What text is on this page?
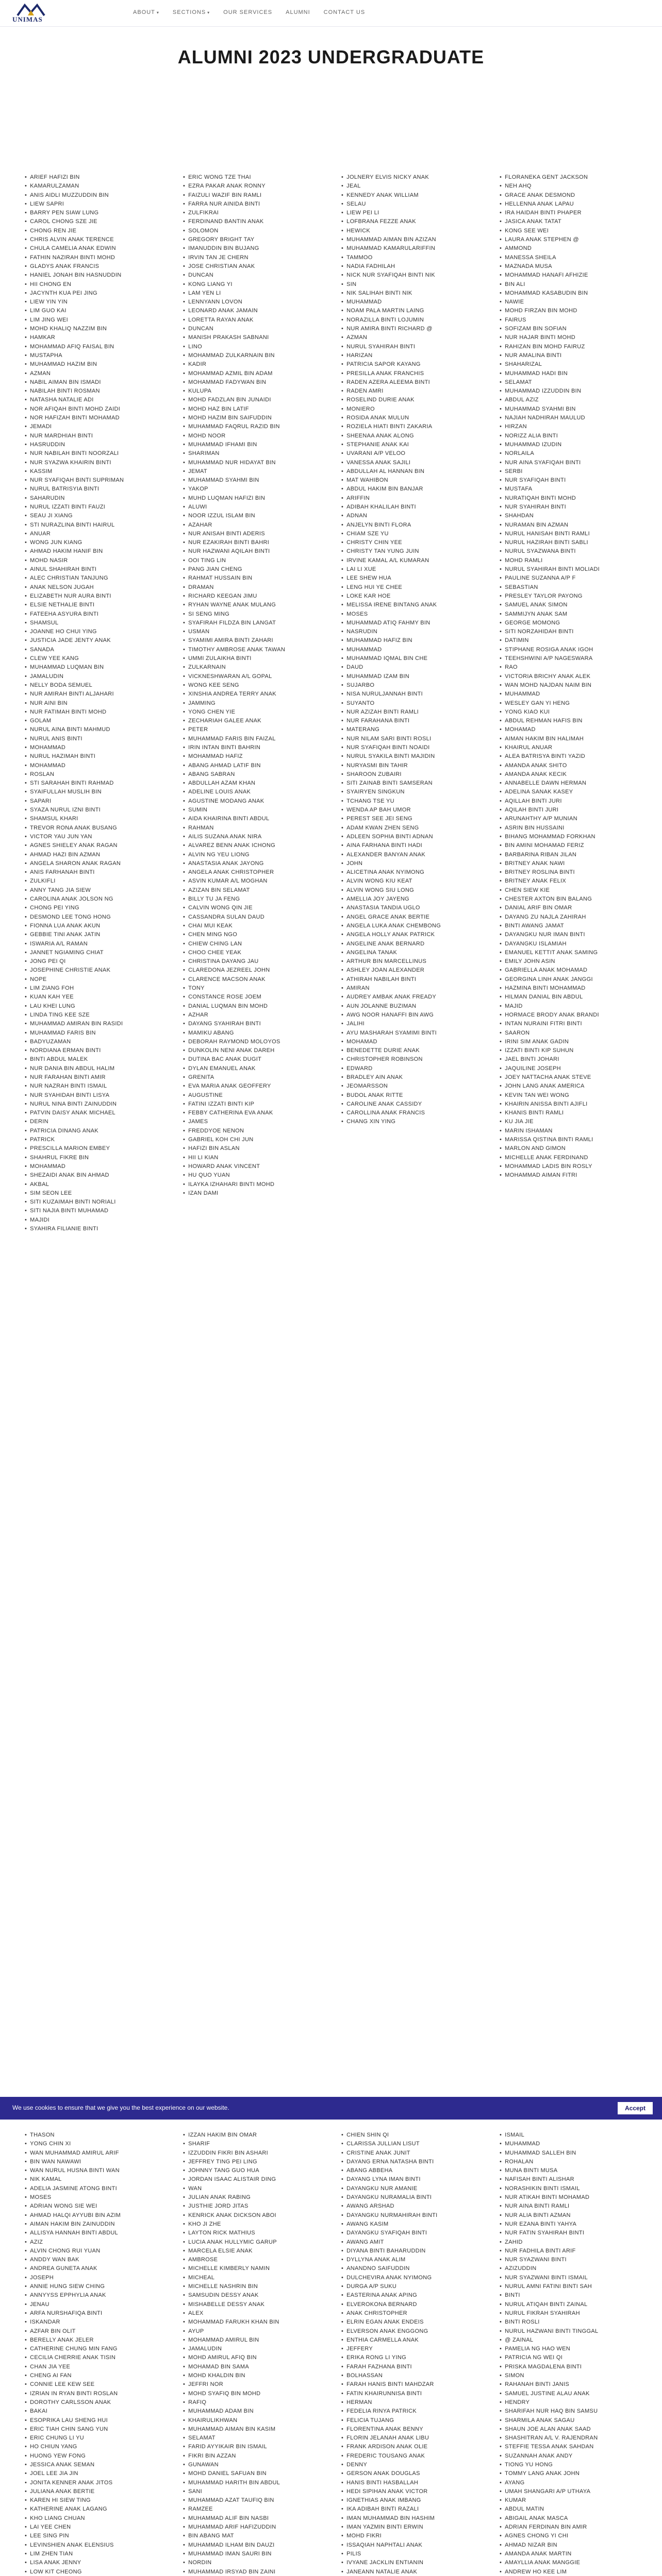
UNIMAS
ABOUT ▾ SECTIONS ▾ OUR SERVICES ALUMNI CONTACT US
ALUMNI 2023 UNDERGRADUATE
• ARIEF HAFIZI BIN
• KAMARULZAMAN
• ANIS AIDLI MUZZUDDIN BIN
• LIEW SAPRI
• BARRY PEN SIAW LUNG
• CAROL CHONG SZE JIE
• CHONG REN JIE
• CHRIS ALVIN ANAK TERENCE
• CHULA CAMELIA ANAK EDWIN
• FATHIN NAZIRAH BINTI MOHD
• GLADYS ANAK FRANCIS
• HANIEL JONAH BIN HASNUDDIN
• HII CHONG EN
• JACYNTH KUA PEI JING
• LIEW YIN YIN
• LIM GUO KAI
• LIM JING WEI
• MOHD KHALIQ NAZZIM BIN
• HAMKAR
• MOHAMMAD AFIQ FAISAL BIN
• MUSTAPHA
• MUHAMMAD HAZIM BIN
• AZMAN
• NABIL AIMAN BIN ISMADI
• NABILAH BINTI ROSMAN
• NATASHA NATALIE ADI
• NOR AFIQAH BINTI MOHD ZAIDI
• NOR HAFIZAH BINTI MOHAMAD
• JEMADI
• NUR MARDHIAH BINTI
• HASRUDDIN
• NUR NABILAH BINTI NOORZALI
• NUR SYAZWA KHAIRIN BINTI
• KASSIM
• NUR SYAFIQAH BINTI SUPRIMAN
• NURUL BATRISYIA BINTI
• SAHARUDIN
• NURUL IZZATI BINTI FAUZI
• SEAU JI XIANG
• STI NURAZLINA BINTI HAIRUL
• ANUAR
• WONG JUN KIANG
• AHMAD HAKIM HANIF BIN
• MOHD NASIR
• AINUL SHAHIRAH BINTI
• ALEC CHRISTIAN TANJUNG
• ANAK NELSON JUGAH
• ELIZABETH NUR AURA BINTI
• ELSIE NETHALIE BINTI
• FATEEHA ASYURA BINTI
• SHAMSUL
• JOANNE HO CHUI YING
• JUSTICIA JADE JENTY ANAK
• SANADA
• CLEW YEE KANG
• MUHAMMAD LUQMAN BIN
• JAMALUDIN
• NELLY BODA SEMUEL
• NUR AMIRAH BINTI ALJAHARI
• NUR AINI BIN
• NUR FATIMAH BINTI MOHD
• GOLAM
• NURUL AINA BINTI MAHMUD
• NURUL ANIS BINTI
• MOHAMMAD
• NURUL HAZIMAH BINTI
• MOHAMMAD
• ROSLAN
• STI SARAHAH BINTI RAHMAD
• SYAIFULLAH MUSLIH BIN
• SAPARI
• SYAZA NURUL IZNI BINTI
• SHAMSUL KHARI
• TREVOR RONA ANAK BUSANG
• VICTOR YAU JUN YAN
• AGNES SHIELEY ANAK RAGAN
• AHMAD HAZI BIN AZMAN
• ANGELA SHARON ANAK RAGAN
• ANIS FARHANAH BINTI
• ZULKIFLI
• ANNY TANG JIA SIEW
• CAROLINA ANAK JOLSON NG
• CHONG PEI YING
• DESMOND LEE TONG HONG
• FIONNA LUA ANAK AKUN
• GEBBIE TINI ANAK JATIN
• ISWARIA A/L RAMAN
• JANNET NGIAMING CHIAT
• JONG PEI QI
• JOSEPHINE CHRISTIE ANAK
• NOPE
• LIM ZIANG FOH
• KUAN KAH YEE
• LAU KHEI LUNG
• LINDA TING KEE SZE
• MUHAMMAD AMIRAN BIN RASIDI
• MUHAMMAD FARIS BIN
• BADYUZAMAN
• NORDIANA ERMAN BINTI
• BINTI ABDUL MALEK
• NUR DANIA BIN ABDUL HALIM
• NUR FARAHAN BINTI AMIR
• NUR NAZRAH BINTI ISMAIL
• NUR SYAHIDAH BINTI LISYA
• NURUL NINA BINTI ZAINUDDIN
• PATVIN DAISY ANAK MICHAEL
• DERIN
• PATRICIA DINANG ANAK
• PATRICK
• PRESCILLA MARION EMBEY
• SHAHRUL FIKRE BIN
• MOHAMMAD
• SHEZAIDI ANAK BIN AHMAD
• AKBAL
• SIM SEON LEE
• SITI KUZAIMAH BINTI NORIALI
• SITI NAJIA BINTI MUHAMAD
• MAJIDI
• SYAHIRA FILIANIE BINTI
• ERIC WONG TZE THAI
• EZRA PAKAR ANAK RONNY
• FAIZULI WAZIF BIN RAMLI
• FARRA NUR AINIDA BINTI
• ZULFIKRAI
• FERDINAND BANTIN ANAK
• SOLOMON
• GREGORY BRIGHT TAY
• IMANUDDIN BIN BUJANG
• IRVIN TAN JE CHERN
• JOSE CHRISTIAN ANAK
• DUNCAN
• KONG LIANG YI
• LAM YEN LI
• LENNYANN LOVON
• LEONARD ANAK JAMAIN
• LORETTA RAYAN ANAK
• DUNCAN
• MANISH PRAKASH SABNANI
• LINO
• MOHAMMAD ZULKARNAIN BIN
• KADIR
• MOHAMMAD AZMIL BIN ADAM
• MOHAMMAD FADYWAN BIN
• KULUPA
• MOHD FADZLAN BIN JUNAIDI
• MOHD HAZ BIN LATIF
• MOHD HAZIM BIN SAIFUDDIN
• MUHAMMAD FAQRUL RAZID BIN
• MOHD NOOR
• MUHAMMAD IFHAMI BIN
• SHARIMAN
• MUHAMMAD NUR HIDAYAT BIN
• JEMAT
• MUHAMMAD SYAHMI BIN
• YAKOP
• MUHD LUQMAN HAFIZI BIN
• ALUWI
• NOOR IZZUL ISLAM BIN
• AZAHAR
• NUR ANISAH BINTI ADERIS
• NUR EZAKIRAH BINTI BAHRI
• NUR HAZWANI AQILAH BINTI
• OOI TING LIN
• PANG JIAN CHENG
• RAHMAT HUSSAIN BIN
• DRAMAN
• RICHARD KEEGAN JIMU
• RYHAN WAYNE ANAK MULANG
• SI SENG MING
• SYAFIRAH FILDZA BIN LANGAT
• USMAN
• SYAMIMI AMIRA BINTI ZAHARI
• TIMOTHY AMBROSE ANAK TAWAN
• UMMI ZULAIKHA BINTI
• ZULKARNAIN
• VICKNESHWARAN A/L GOPAL
• WONG KEE SENG
• XINSHIA ANDREA TERRY ANAK
• JAMMING
• YONG CHEN YIE
• ZECHARIAH GALEE ANAK
• PETER
• MUHAMMAD FARIS BIN FAIZAL
• IRIN INTAN BINTI BAHRIN
• MOHAMMAD HAFIZ
• ABANG AHMAD LATIF BIN
• ABANG SABRAN
• ABDULLAH AZAM KHAN
• ADELINE LOUIS ANAK
• AGUSTINE MODANG ANAK
• SUMIN
• AIDA KHAIRINA BINTI ABDUL
• RAHMAN
• AILIS SUZANA ANAK NIRA
• ALVAREZ BENN ANAK ICHONG
• ALVIN NG YEU LIONG
• ANASTASIA ANAK JAYONG
• ANGELA ANAK CHRISTOPHER
• ASVIN KUMAR A/L MOGHAN
• AZIZAN BIN SELAMAT
• BILLY TU JA FENG
• CALVIN WONG QIN JIE
• CASSANDRA SULAN DAUD
• CHAI MUI KEAK
• CHEN MING NGO
• CHIEW CHING LAN
• CHOO CHEE YEAK
• CHRISTINA DAYANG JAU
• CLAREDONA JEZREEL JOHN
• CLARENCE MACSON ANAK
• TONY
• CONSTANCE ROSE JOEM
• DANIAL LUQMAN BIN MOHD
• AZHAR
• DAYANG SYAHIRAH BINTI
• MAMIKU ABANG
• DEBORAH RAYMOND MOLOYOS
• DUNKOLIN NENI ANAK DAREH
• DUTINA BAC ANAK DUGIT
• DYLAN EMANUEL ANAK
• GRENITA
• EVA MARIA ANAK GEOFFERY
• AUGUSTINE
• FATINI IZZATI BINTI KIP
• FEBBY CATHERINA EVA ANAK
• JAMES
• FREDDYOE NENON
• GABRIEL KOH CHI JUN
• HAFIZI BIN ASLAN
• HII LI KIAN
• HOWARD ANAK VINCENT
• HU QUO YUAN
• ILAYKA IZHAHARI BINTI MOHD
• IZAN DAMI
• JOLNERY ELVIS NICKY ANAK
• JEAL
• KENNEDY ANAK WILLIAM
• SELAU
• LIEW PEI LI
• LOFBRANA FEZZE ANAK
• HEWICK
• MUHAMMAD AIMAN BIN AZIZAN
• MUHAMMAD KAMARULARIFFIN
• TAMMOO
• NADIA FADHILAH
• NICK NUR SYAFIQAH BINTI NIK
• SIN
• NIK SALIHAH BINTI NIK
• MUHAMMAD
• NOAM PALA MARTIN LAING
• NORAZILLA BINTI LOJUMIN
• NUR AMIRA BINTI RICHARD @
• AZMAN
• NURUL SYAHIRAH BINTI
• HARIZAN
• PATRICIA SAPOR KAYANG
• PRESILLA ANAK FRANCHIS
• RADEN AZERA ALEEMA BINTI
• RADEN AMRI
• ROSELIND DURIE ANAK
• MONIERO
• ROSIDA ANAK MULUN
• ROZIELA HIATI BINTI ZAKARIA
• SHEENAA ANAK ALONG
• STEPHANIE ANAK KAI
• UVARANI A/P VELOO
• VANESSA ANAK SAJILI
• ABDULLAH AL HANNAN BIN
• MAT WAHIBON
• ABDUL HAKIM BIN BANJAR
• ARIFFIN
• ADIBAH KHALILAH BINTI
• ADNAN
• ANJELYN BINTI FLORA
• CHIAM SZE YU
• CHRISTY CHIN YEE
• CHRISTY TAN YUNG JUIN
• IRVINE KAMAL A/L KUMARAN
• LAI LI XUE
• LEE SHEW HUA
• LENG HUI YE CHEE
• LOKE KAR HOE
• MELISSA IRENE BINTANG ANAK
• MOSES
• MUHAMMAD ATIQ FAHMY BIN
• NASRUDIN
• MUHAMMAD HAFIZ BIN
• MUHAMMAD
• MUHAMMAD IQMAL BIN CHE
• DAUD
• MUHAMMAD IZAM BIN
• SUJARBO
• NISA NURULJANNAH BINTI
• SUYANTO
• NUR AZIZAH BINTI RAMLI
• NUR FARAHANA BINTI
• MATERANG
• NUR NILAM SARI BINTI ROSLI
• NUR SYAFIQAH BINTI NOAIDI
• NURUL SYAKILA BINTI MAJIDIN
• NURYASMI BIN TAHIR
• SHAROON ZUBAIRI
• SITI ZAINAB BINTI SAMSERAN
• SYAIRYEN SINGKUN
• TCHANG TSE YU
• WENDA AP BAH UMOR
• PEREST SEE JEI SENG
• ADAM KWAN ZHEN SENG
• ADLEEN SOPHIA BINTI ADNAN
• AINA FARHANA BINTI HADI
• ALEXANDER BANYAN ANAK
• JOHN
• ALICETINA ANAK NYIMONG
• ALVIN WONG KIU KEAT
• ALVIN WONG SIU LONG
• AMELLIA JOY JAYENG
• ANASTASIA TANDIA UGLO
• ANGEL GRACE ANAK BERTIE
• ANGELA LUKA ANAK CHEMBONG
• ANGELA HOLLY ANAK PATRICK
• ANGELINE ANAK BERNARD
• ANGELINA TANAK
• ARTHUR BIN MARCELLINUS
• ASHLEY JOAN ALEXANDER
• ATHIRAH NABILAH BINTI
• AMIRAN
• AUDREY AMBAK ANAK FREADY
• AUN JOLANNE BUZIMAN
• AWG NOOR HANAFFI BIN AWG
• JALIHI
• AYU MASHARAH SYAMIMI BINTI
• MOHAMAD
• BENEDETTE DURIE ANAK
• CHRISTOPHER ROBINSON
• EDWARD
• BRADLEY AIN ANAK
• JEOMARSSON
• BUDOL ANAK RITTE
• CAROLINE ANAK CASSIDY
• CAROLLINA ANAK FRANCIS
• CHANG XIN YING
• FLORANEKA GENT JACKSON
• NEH AHQ
• GRACE ANAK DESMOND
• HELLENNA ANAK LAPAU
• IRA HAIDAH BINTI PHAPER
• JASICA ANAK TATAT
• KONG SEE WEI
• LAURA ANAK STEPHEN @
• AMMOND
• MANESSA SHEILA
• MAZNADA MUSA
• MOHAMMAD HANAFI AFHIZIE
• BIN ALI
• MOHAMMAD KASABUDIN BIN
• NAWIE
• MOHD FIRZAN BIN MOHD
• FAIRUS
• SOFIZAM BIN SOFIAN
• NUR HAJAR BINTI MOHD
• RAHIZAN BIN MOHD FAIRUZ
• NUR AMALINA BINTI
• SHAHARIZAL
• MUHAMMAD HADI BIN
• SELAMAT
• MUHAMMAD IZZUDDIN BIN
• ABDUL AZIZ
• MUHAMMAD SYAHMI BIN
• NAJIAH NADHIRAH MAULUD
• HIRZAN
• NORIZZ ALIA BINTI
• MUHAMMAD IZUDIN
• NORLAILA
• NUR AINA SYAFIQAH BINTI
• SERBI
• NUR SYAFIQAH BINTI
• MUSTAFA
• NURATIQAH BINTI MOHD
• NUR SYAHIRAH BINTI
• SHAHDAN
• NURAMAN BIN AZMAN
• NURUL HANISAH BINTI RAMLI
• NURUL HAZIRAH BINTI SABLI
• NURUL SYAZWANA BINTI
• MOHD RAMLI
• NURUL SYAHIRAH BINTI MOLIADI
• PAULINE SUZANNA A/P F
• SEBASTIAN
• PRESLEY TAYLOR PAYONG
• SAMUEL ANAK SIMON
• SAMMIJYN ANAK SAM
• GEORGE MOMONG
• SITI NORZAHIDAH BINTI
• DATIMIN
• STIPHANE ROSIGA ANAK IGOH
• TEEHSHWINI A/P NAGESWARA
• RAO
• VICTORIA BRICHY ANAK ALEK
• WAN MOHD NAJDAN NAIM BIN
• MUHAMMAD
• WESLEY GAN YI HENG
• YONG KIAO KUI
• ABDUL REHMAN HAFIS BIN
• MOHAMAD
• AIMAN HAKIM BIN HALIMAH
• KHAIRUL ANUAR
• ALEA BATRISYA BINTI YAZID
• AMANDA ANAK SHITO
• AMANDA ANAK KECIK
• ANNABELLE DAWN HERMAN
• ADELINA SANAK KASEY
• AQILLAH BINTI JURI
• AQILAH BINTI JURI
• ARUNAHTHY A/P MUNIAN
• ASRIN BIN HUSSAINI
• BIHANG MOHAMMAD FORKHAN
• BIN AMINI MOHAMAD FERIZ
• BARBARINA RIBAN JILAN
• BRITNEY ANAK NAWI
• BRITNEY ROSLINA BINTI
• BRITNEY ANAK FELIX
• CHEN SIEW KIE
• CHESTER AXTON BIN BALANG
• DANIAL ARIF BIN OMAR
• DAYANG ZU NAJLA ZAHIRAH
• BINTI AWANG JAMAT
• DAYANGKU NUR IMAN BINTI
• DAYANGKU ISLAMIAH
• EMANUEL KETTIT ANAK SAMING
• EMILY JOHN ASIN
• GABRIELLA ANAK MOHAMAD
• GEORGINA LINH ANAK JANGGI
• HAZMINA BINTI MOHAMMAD
• HILMAN DANIAL BIN ABDUL
• MAJID
• HORMACE BRODY ANAK BRANDI
• INTAN NURAINI FITRI BINTI
• SAARON
• IRINI SIM ANAK GADIN
• IZZATI BINTI KIP SUHUN
• JAEL BINTI JOHARI
• JAQUILINE JOSEPH
• JOEY NATTACHA ANAK STEVE
• JOHN LANG ANAK AMERICA
• KEVIN TAN WEI WONG
• KHAIRIN ANISSA BINTI AJIFLI
• KHANIS BINTI RAMLI
• KU JIA JIE
• MARIN ISHAMAN
• MARISSA QISTINA BINTI RAMLI
• MARLON AND GIMON
• MICHELLE ANAK FERDINAND
• MOHAMMAD LADIS BIN ROSLY
• MOHAMMAD AIMAN FITRI
We use cookies to ensure that we give you the best experience on our website.	Accept
• THASON
• YONG CHIN XI
• WAN MUHAMMAD AMIRUL ARIF
• BIN WAN NAWAWI
• WAN NURUL HUSNA BINTI WAN
• NIK KAMAL
• ADELIA JASMINE ATONG BINTI
• MOSES
• ADRIAN WONG SIE WEI
• AHMAD HALQI AYYUBI BIN AZIM
• AIMAN HAKIM BIN ZAINUDDIN
• ALLISYA HANNAH BINTI ABDUL
• AZIZ
• ALVIN CHONG RUI YUAN
• ANDDY WAN BAK
• ANDREA GUNETA ANAK
• JOSEPH
• ANNIE HUNG SIEW CHING
• ANNYYSS EPPHYLIA ANAK
• JENAU
• ARFA NURSHAFIQA BINTI
• ISKANDAR
• AZFAR BIN OLIT
• BERELLY ANAK JELER
• CATHERINE CHUNG MIN FANG
• CECILIA CHERRIE ANAK TISIN
• CHAN JIA YEE
• CHENG AI FAN
• CONNIE LEE KEW SEE
• IZRIAN IN RYAN BINTI ROSLAN
• DOROTHY CARLSSON ANAK
• BAKAI
• ESOPRIKA LAU SHENG HUI
• ERIC TIAH CHIN SANG YUN
• ERIC CHUNG LI YU
• HO CHIUN YANG
• HUONG YEW FONG
• JESSICA ANAK SEMAN
• JOEL LEE JIA JIN
• JONITA KENNER ANAK JITOS
• JULIANA ANAK BERTIE
• KAREN HI SIEW TING
• KATHERINE ANAK LAGANG
• KHO LIANG CHUAN
• LAI YEE CHEN
• LEE SING PIN
• LEVINSHIEN ANAK ELENSIUS
• LIM ZHEN TIAN
• LISA ANAK JENNY
• LOW KIT CHEONG
• IZZAN HAKIM BIN OMAR
• SHARIF
• IZZUDDIN FIKRI BIN ASHARI
• JEFFREY TING PEI LING
• JOHNNY TANG GUO HUA
• JORDAN ISAAC ALISTAIR DING
• WAN
• JULIAN ANAK RABING
• JUSTHIE JORD JITAS
• KENRICK ANAK DICKSON ABOI
• KHO JI ZHE
• LAYTON RICK MATHIUS
• LUCIA ANAK HULLYMIC GARUP
• MARCELA ELSIE ANAK
• AMBROSE
• MICHELLE KIMBERLY NAMIN
• MICHEAL
• MICHELLE NASHRIN BIN
• SAMSUDIN DESSY ANAK
• MISHABELLE DESSY ANAK
• ALEX
• MOHAMMAD FARUKH KHAN BIN
• AYUP
• MOHAMMAD AMIRUL BIN
• JAMALUDIN
• MOHD AMIRUL AFIQ BIN
• MOHAMAD BIN SAMA
• MOHD KHALDIN BIN
• JEFFRI NOR
• MOHD SYAFIQ BIN MOHD
• RAFIQ
• MUHAMMAD ADAM BIN
• KHAIRULIKHWAN
• MUHAMMAD AIMAN BIN KASIM
• SELAMAT
• FARID AYYIKAIR BIN ISMAIL
• FIKRI BIN AZZAN
• GUNAWAN
• MOHD DANIEL SAFUAN BIN
• MUHAMMAD HARITH BIN ABDUL
• SANI
• MUHAMMAD AZAT TAUFIQ BIN
• RAMZEE
• MUHAMMAD ALIF BIN NASBI
• MUHAMMAD ARIF HAFIZUDDIN
• BIN ABANG MAT
• MUHAMMAD ILHAM BIN DAUZI
• MUHAMMAD IMAN SAURI BIN
• NORDIN
• MUHAMMAD IRSYAD BIN ZAINI
• CHIEN SHIN QI
• CLARISSA JULLIAN LISUT
• CRISTINE ANAK JUNIT
• DAYANG ERNA NATASHA BINTI
• ABANG ABBEHA
• DAYANG LYNA IMAN BINTI
• DAYANGKU NUR AMANIE
• DAYANGKU NURAMALIA BINTI
• AWANG ARSHAD
• DAYANGKU NURMAHIRAH BINTI
• AWANG KASIM
• DAYANGKU SYAFIQAH BINTI
• AWANG AMIT
• DIYANA BINTI BAHARUDDIN
• DYLLYNA ANAK ALIM
• ANANDNO SAIFUDDIN
• DULCHEVIRA ANAK NYIMONG
• DURGA A/P SUKU
• EASTERINA ANAK APING
• ELVEROKONA BERNARD
• ANAK CHRISTOPHER
• ELRIN EGAN ANAK ENDEIS
• ELVERSON ANAK ENGGONG
• ENTHIA CARMELLA ANAK
• JEFFERY
• ERIKA RONG LI YING
• FARAH FAZHANA BINTI
• BOLHASSAN
• FARAH HANIS BINTI MAHDZAR
• FATIN KHAIRUNNISA BINTI
• HERMAN
• FEDELIA RINYA PATRICK
• FELICIA TUJANG
• FLORENTINA ANAK BENNY
• FLORIN JELANAH ANAK LIBU
• FRANK ARDISON ANAK OLIE
• FREDERIC TOUSANG ANAK
• DENNY
• GERSON ANAK DOUGLAS
• HANIS BINTI HASBALLAH
• HEDI SIPIHAN ANAK VICTOR
• IGNETHIAS ANAK IMBANG
• IKA ADIBAH BINTI RAZALI
• IMAN MUHAMMAD BIN HASHIM
• IMAN YAZMIN BINTI ERWIN
• MOHD FIKRI
• ISSAQIAH NAPHTALI ANAK
• PILIS
• IVYANE JACKLIN ENTIANIN
• JANEANN NATALIE ANAK
• ISMAIL
• MUHAMMAD
• MUHAMMAD SALLEH BIN
• ROHALAN
• MUNA BINTI MUSA
• NAFISAH BINTI ALISHAR
• NORASHIKIN BINTI ISMAIL
• NUR ATIKAH BINTI MOHAMAD
• NUR AINA BINTI RAMLI
• NUR ALIA BINTI AZMAN
• NUR EZANA BINTI YAHYA
• NUR FATIN SYAHIRAH BINTI
• ZAHID
• NUR FADHILA BINTI ARIF
• NUR SYAZWANI BINTI
• AZIZUDDIN
• NUR SYAZWANI BINTI ISMAIL
• NURUL AMNI FATINI BINTI SAH
• BINTI
• NURUL ATIQAH BINTI ZAINAL
• NURUL FIKRAH SYAHIRAH
• BINTI ROSLI
• NURUL HAZWANI BINTI TINGGAL
• @ ZAINAL
• PAMELIA NG HAO WEN
• PATRICIA NG WEI QI
• PRISKA MAGDALENA BINTI
• SIMON
• RAHANAH BINTI JANIS
• SAMUEL JUSTINE ALAU ANAK
• HENDRY
• SHARIFAH NUR HAQ BIN SAMSU
• SHARMILA ANAK SAGAU
• SHAUN JOE ALAN ANAK SAAD
• SHASHITRAN A/L V. RAJENDRAN
• STEFFIE TESSA ANAK SAHDAN
• SUZANNAH ANAK ANDY
• TIONG YU HONG
• TOMMY LANG ANAK JOHN
• AYANG
• UMAH SHANGARI A/P UTHAYA
• KUMAR
• ABDUL MATIN
• ABIGAIL ANAK MASCA
• ADRIAN FERDINAN BIN AMIR
• AGNES CHONG YI CHI
• AHMAD NIZAR BIN
• AMANDA ANAK MARTIN
• AMAYLLIA ANAK MANGGIE
• ANDREW HO KEE LIM
